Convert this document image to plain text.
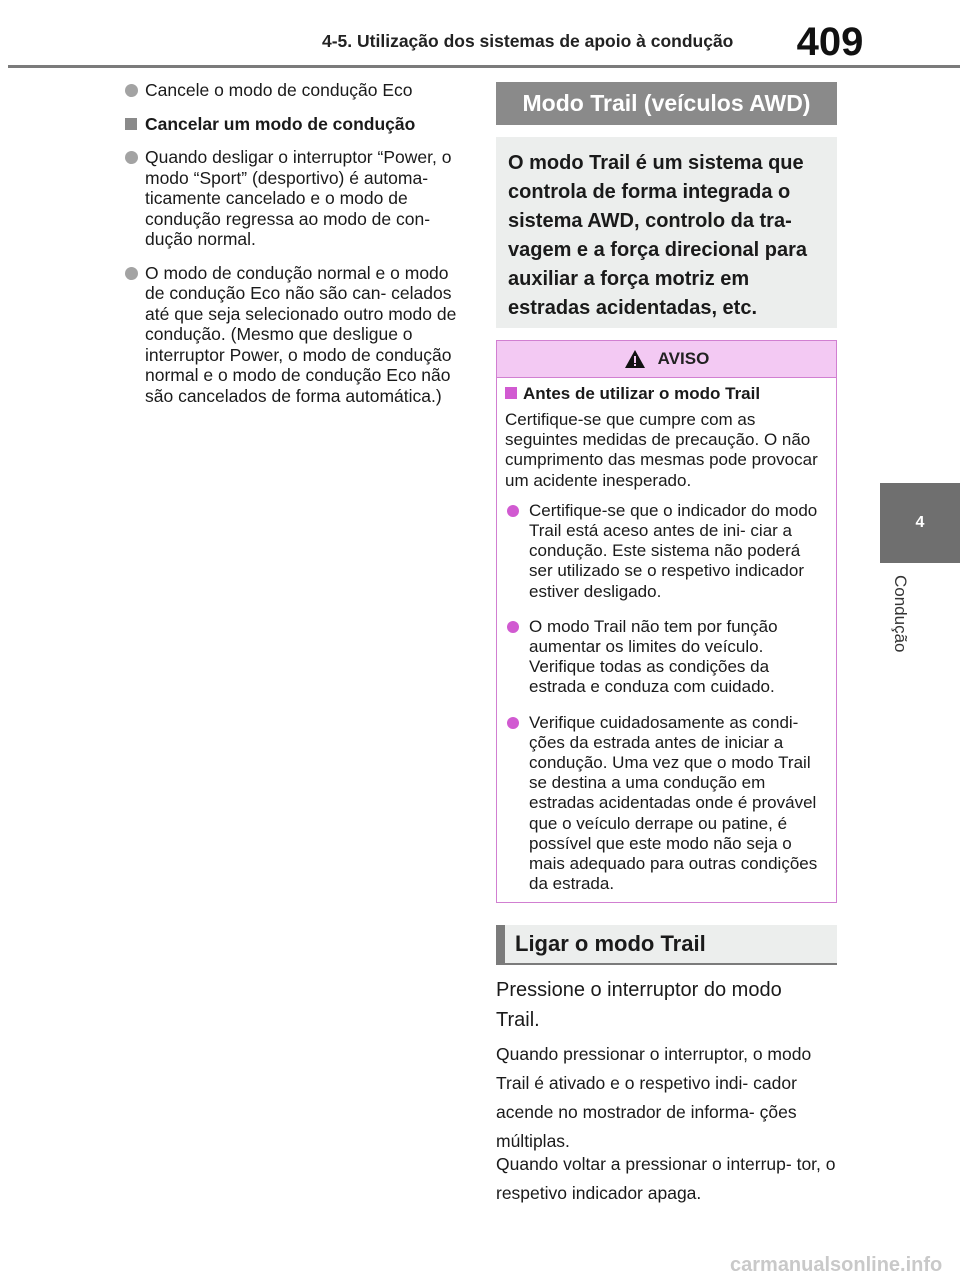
4-5. Utilização dos sistemas de apoio à condução	409
4
Condução
Cancele o modo de condução Eco
Cancelar um modo de condução
Quando desligar o interruptor “Power, o modo “Sport” (desportivo) é automa- ticamente cancelado e o modo de condução regressa ao modo de con- dução normal.
O modo de condução normal e o modo de condução Eco não são can- celados até que seja selecionado outro modo de condução. (Mesmo que desligue o interruptor Power, o modo de condução normal e o modo de condução Eco não são cancelados de forma automática.)
Modo Trail (veículos AWD)
O modo Trail é um sistema que controla de forma integrada o sistema AWD, controlo da tra- vagem e a força direcional para auxiliar a força motriz em estradas acidentadas, etc.
AVISO
Antes de utilizar o modo Trail

Certifique-se que cumpre com as seguintes medidas de precaução. O não cumprimento das mesmas pode provocar um acidente inesperado.

Certifique-se que o indicador do modo Trail está aceso antes de ini- ciar a condução. Este sistema não poderá ser utilizado se o respetivo indicador estiver desligado.
O modo Trail não tem por função aumentar os limites do veículo. Verifique todas as condições da estrada e conduza com cuidado.
Verifique cuidadosamente as condi- ções da estrada antes de iniciar a condução. Uma vez que o modo Trail se destina a uma condução em estradas acidentadas onde é provável que o veículo derrape ou patine, é possível que este modo não seja o mais adequado para outras condições da estrada.
Ligar o modo Trail
Pressione o interruptor do modo Trail.
Quando pressionar o interruptor, o modo Trail é ativado e o respetivo indi- cador acende no mostrador de informa- ções múltiplas.
Quando voltar a pressionar o interrup- tor, o respetivo indicador apaga.
carmanualsonline.info
